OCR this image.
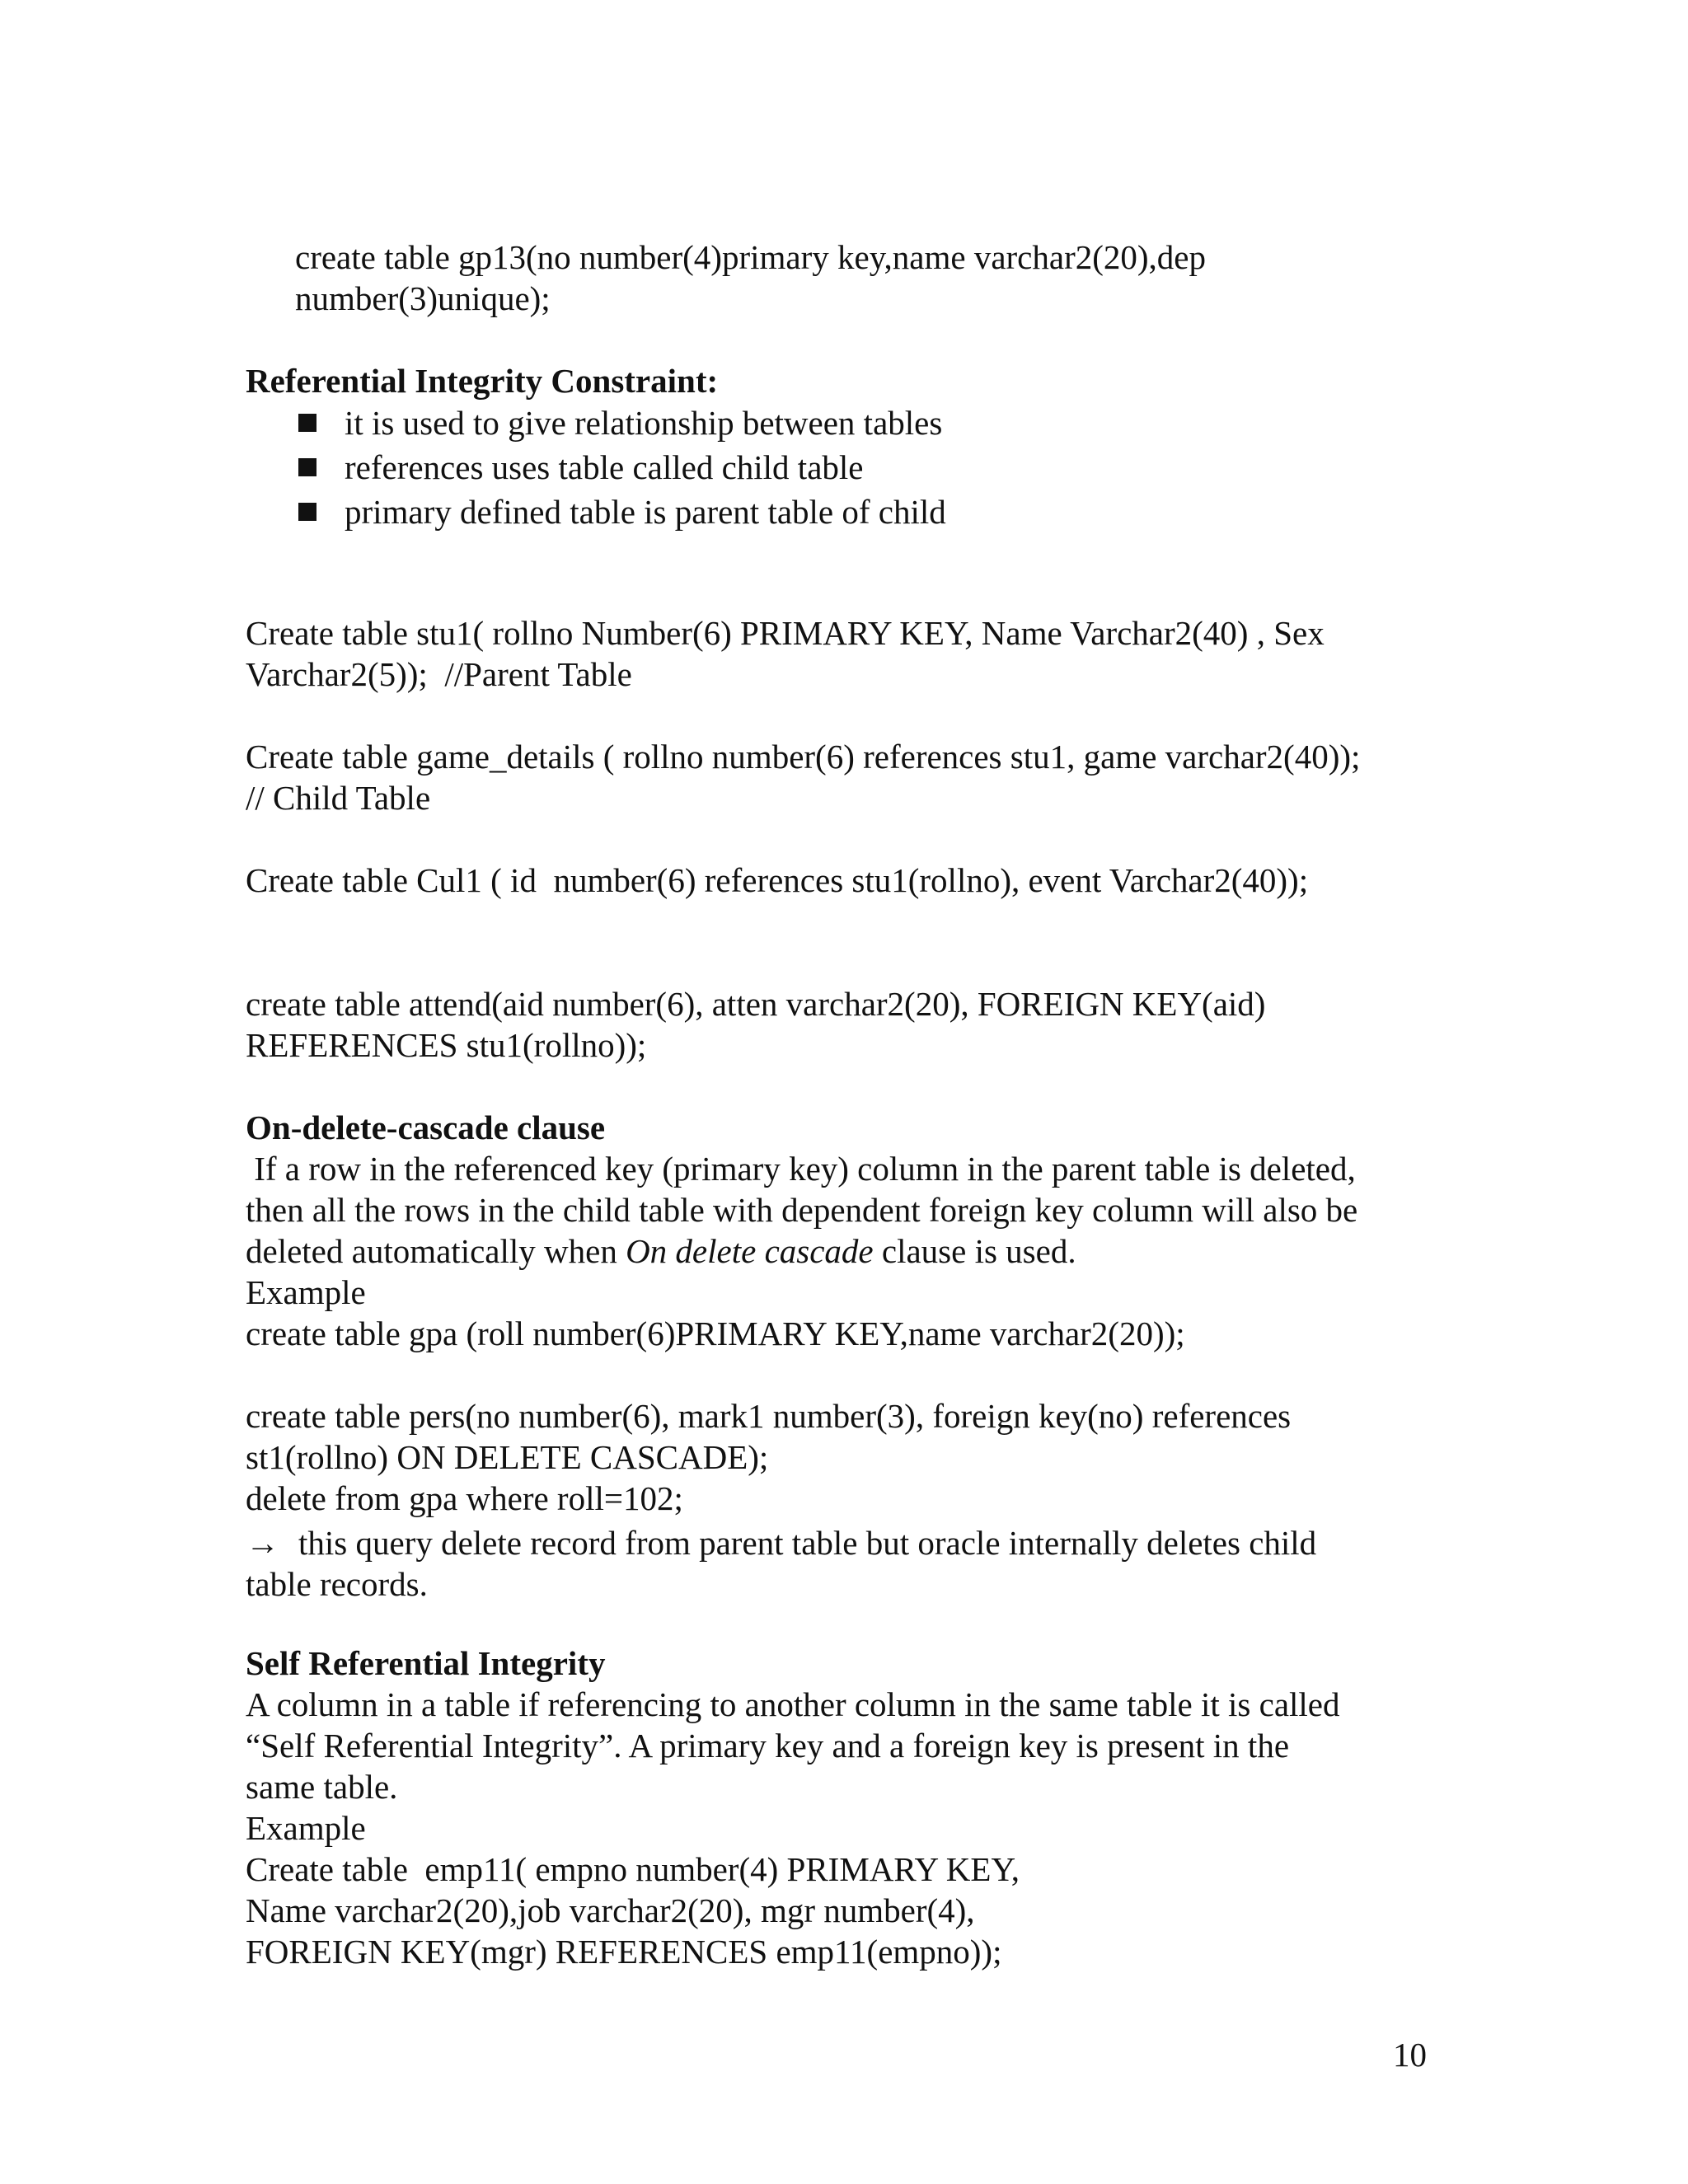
create table gp13(no number(4)primary key,name varchar2(20),dep
number(3)unique);

Referential Integrity Constraint:

it is used to give relationship between tables
references uses table called child table
primary defined table is parent table of child

Create table stu1( rollno Number(6) PRIMARY KEY, Name Varchar2(40) , Sex
Varchar2(5));  //Parent Table

Create table game_details ( rollno number(6) references stu1, game varchar2(40));
// Child Table

Create table Cul1 ( id  number(6) references stu1(rollno), event Varchar2(40));

create table attend(aid number(6), atten varchar2(20), FOREIGN KEY(aid)
REFERENCES stu1(rollno));

On-delete-cascade clause

If a row in the referenced key (primary key) column in the parent table is deleted,
then all the rows in the child table with dependent foreign key column will also be
deleted automatically when On delete cascade clause is used.

Example

create table gpa (roll number(6)PRIMARY KEY,name varchar2(20));

create table pers(no number(6), mark1 number(3), foreign key(no) references
st1(rollno) ON DELETE CASCADE);

delete from gpa where roll=102;

→ this query delete record from parent table but oracle internally deletes child
table records.

Self Referential Integrity

A column in a table if referencing to another column in the same table it is called
“Self Referential Integrity”. A primary key and a foreign key is present in the
same table.

Example

Create table  emp11( empno number(4) PRIMARY KEY,
Name varchar2(20),job varchar2(20), mgr number(4),
FOREIGN KEY(mgr) REFERENCES emp11(empno));

10
